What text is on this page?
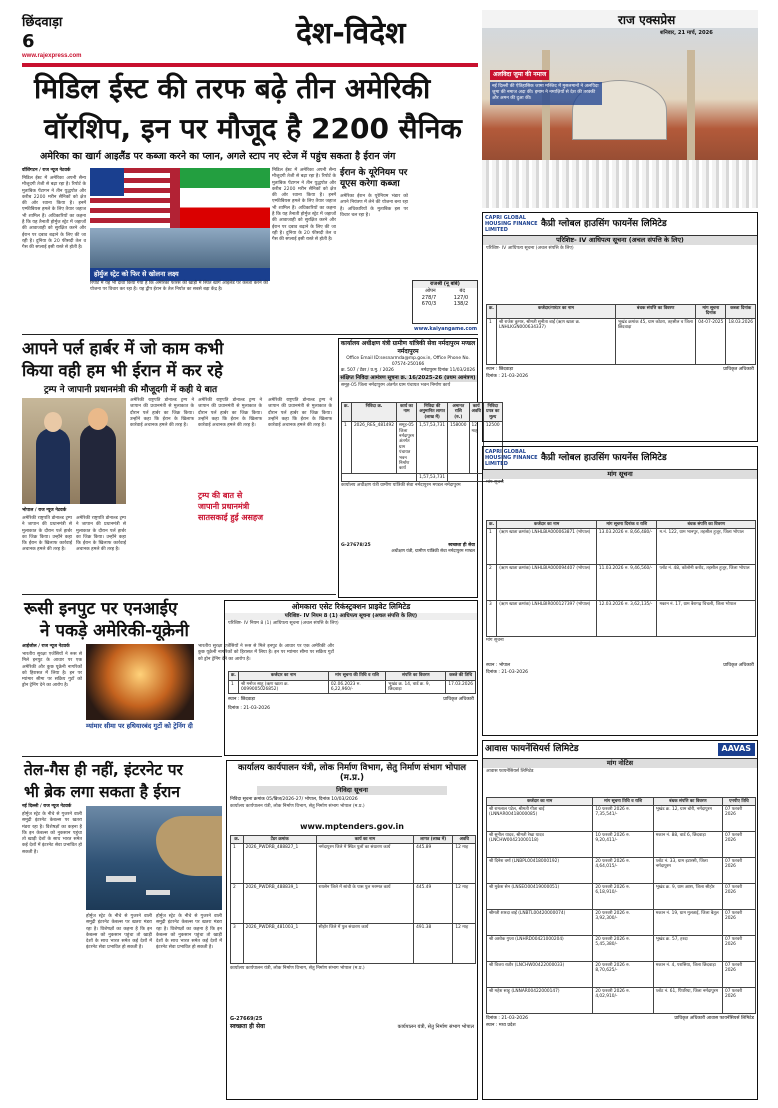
छिंदवाड़ा
6
www.rajexpress.com
देश-विदेश	राज एक्सप्रेस
शनिवार, 21 मार्च, 2026
अलविदा जुमा की नमाज
नई दिल्ली की ऐतिहासिक जामा मस्जिद में मुसलमानों ने अलविदा जुमा की नमाज अदा की। इमाम ने नमाज़ियों से देश की तरक्की और अमन की दुआ की।
मिडिल ईस्ट की तरफ बढ़े तीन अमेरिकी
वॉरशिप, इन पर मौजूद है 2200 सैनिक
अमेरिका का खार्ग आइलैंड पर कब्जा करने का प्लान, अगले स्टाप नए स्टेज में पहुंच सकता है ईरान जंग
वॉशिंगटन / राज न्यूज नेटवर्क
मिडिल ईस्ट में अमेरिका अपनी सैन्य मौजूदगी तेजी से बढ़ा रहा है। रिपोर्ट के मुताबिक पेंटागन ने तीन युद्धपोत और करीब 2200 मरीन सैनिकों को क्षेत्र की ओर रवाना किया है। इनमें एम्फीबियस हमले के लिए तैयार जहाज भी शामिल हैं। अधिकारियों का कहना है कि यह तैनाती होर्मुज स्ट्रेट में जहाजों की आवाजाही को सुरक्षित करने और ईरान पर दबाव बढ़ाने के लिए की जा रही है। दुनिया के 20 फीसदी तेल व गैस की सप्लाई इसी रास्ते से होती है।
होर्मुज स्ट्रेट को फिर से खोलना लक्ष्य
रिपोर्ट में यह भी दावा किया गया है कि अमेरिका फारस की खाड़ी में स्थित खार्ग आइलैंड पर कब्जा करने की योजना पर विचार कर रहा है। यह द्वीप ईरान के तेल निर्यात का सबसे बड़ा केंद्र है।
मिडिल ईस्ट में अमेरिका अपनी सैन्य मौजूदगी तेजी से बढ़ा रहा है। रिपोर्ट के मुताबिक पेंटागन ने तीन युद्धपोत और करीब 2200 मरीन सैनिकों को क्षेत्र की ओर रवाना किया है। इनमें एम्फीबियस हमले के लिए तैयार जहाज भी शामिल हैं। अधिकारियों का कहना है कि यह तैनाती होर्मुज स्ट्रेट में जहाजों की आवाजाही को सुरक्षित करने और ईरान पर दबाव बढ़ाने के लिए की जा रही है। दुनिया के 20 फीसदी तेल व गैस की सप्लाई इसी रास्ते से होती है।
ईरान के यूरेनियम पर यूएस करेगा कब्जा
अमेरिका ईरान के यूरेनियम भंडार को अपने नियंत्रण में लेने की योजना बना रहा है। अधिकारियों के मुताबिक इस पर विचार चल रहा है।
राजश्री (नू बांबे)
ओपन	बंद
278/7	127/0
670/3	138/2
www.kaiyangame.com
आपने पर्ल हार्बर में जो काम कभी
किया वही हम भी ईरान में कर रहे
ट्रम्प ने जापानी प्रधानमंत्री की मौजूदगी में कही ये बात
भोपाल / राज न्यूज नेटवर्क
अमेरिकी राष्ट्रपति डोनाल्ड ट्रम्प ने जापान की प्रधानमंत्री से मुलाकात के दौरान पर्ल हार्बर का जिक्र किया। उन्होंने कहा कि ईरान के खिलाफ कार्रवाई अचानक हमले की तरह है।
अमेरिकी राष्ट्रपति डोनाल्ड ट्रम्प ने जापान की प्रधानमंत्री से मुलाकात के दौरान पर्ल हार्बर का जिक्र किया। उन्होंने कहा कि ईरान के खिलाफ कार्रवाई अचानक हमले की तरह है।
अमेरिकी राष्ट्रपति डोनाल्ड ट्रम्प ने जापान की प्रधानमंत्री से मुलाकात के दौरान पर्ल हार्बर का जिक्र किया। उन्होंने कहा कि ईरान के खिलाफ कार्रवाई अचानक हमले की तरह है।
अमेरिकी राष्ट्रपति डोनाल्ड ट्रम्प ने जापान की प्रधानमंत्री से मुलाकात के दौरान पर्ल हार्बर का जिक्र किया। उन्होंने कहा कि ईरान के खिलाफ कार्रवाई अचानक हमले की तरह है।
ट्रम्प की बात से जापानी प्रधानमंत्री सातसकाई हुई असहज
अमेरिकी राष्ट्रपति डोनाल्ड ट्रम्प ने जापान की प्रधानमंत्री से मुलाकात के दौरान पर्ल हार्बर का जिक्र किया। उन्होंने कहा कि ईरान के खिलाफ कार्रवाई अचानक हमले की तरह है।
कार्यालय अधीक्षण यंत्री ग्रामीण यांत्रिकी सेवा नर्मदापुरम मण्डल नर्मदापुरम
Office Email ID:sesnarmda@mp.gov.in, Office Phone No. 07574-250166
क्र. 507 / टेंडर / प्र.मु. / 2026	नर्मदापुरम दिनांक 11/03/2026
संक्षिप्त निविदा आमंत्रण सूचना क्र. 16/2025-26 (प्रथम आमंत्रण)
समूह-05 जिला नर्मदापुरम अंतर्गत ग्राम पंचायत भवन निर्माण कार्य
क्र.	निविदा क्र.	कार्य का नाम	निविदा की अनुमानित लागत (लाख में)	अमानत राशि (रु.)	कार्य अवधि	निविदा प्रपत्र का मूल्य
1	2026_RES_481492	समूह-05 जिला नर्मदापुरम अंतर्गत ग्राम पंचायत भवन निर्माण कार्य	1,57,53,731	158000	12 माह	12500
			1,57,53,731			
कार्यालय अधीक्षण यंत्री ग्रामीण यांत्रिकी सेवा नर्मदापुरम मण्डल नर्मदापुरम
G-27678/25	स्वच्छता ही सेवा
अधीक्षण यंत्री, ग्रामीण यांत्रिकी सेवा नर्मदापुरम मण्डल
रूसी इनपुट पर एनआईए
ने पकड़े अमेरिकी-यूक्रेनी
आईजोल / राज न्यूज नेटवर्क
भारतीय सुरक्षा एजेंसियों ने रूस से मिले इनपुट के आधार पर एक अमेरिकी और कुछ यूक्रेनी नागरिकों को हिरासत में लिया है। इन पर म्यांमार सीमा पर सक्रिय गुटों को ड्रोन ट्रेनिंग देने का आरोप है।
म्यांमार सीमा पर हथियारबंद गुटों को ट्रेनिंग दी
भारतीय सुरक्षा एजेंसियों ने रूस से मिले इनपुट के आधार पर एक अमेरिकी और कुछ यूक्रेनी नागरिकों को हिरासत में लिया है। इन पर म्यांमार सीमा पर सक्रिय गुटों को ड्रोन ट्रेनिंग देने का आरोप है।
ओमकारा एसेट रिकंस्ट्रक्शन प्राइवेट लिमिटेड
परिशिष्ट- IV नियम 8 (1) आधिपत्य सूचना (अचल संपत्ति के लिए)
परिशिष्ट- IV नियम 8 (1) आधिपत्य सूचना (अचल संपत्ति के लिए)
क्र.	कर्जदार का नाम	मांग सूचना की तिथि व राशि	संपत्ति का विवरण	कब्जे की तिथि
1	श्री मनोज साहू (ऋण खाता क्र. 0099005026852)	02.06.2023 रु. 6,22,960/-	भूखंड क्र. 14, वार्ड क्र. 9, छिंदवाड़ा	17.03.2026
स्थान : छिंदवाड़ा	प्राधिकृत अधिकारी
दिनांक : 21-03-2026
तेल-गैस ही नहीं, इंटरनेट पर
भी ब्रेक लगा सकता है ईरान
नई दिल्ली / राज न्यूज नेटवर्क
होर्मुज स्ट्रेट के नीचे से गुजरने वाली समुद्री इंटरनेट केबल्स पर खतरा मंडरा रहा है। विशेषज्ञों का कहना है कि इन केबल्स को नुकसान पहुंचा तो खाड़ी देशों के साथ भारत समेत कई देशों में इंटरनेट सेवा प्रभावित हो सकती है।
होर्मुज स्ट्रेट के नीचे से गुजरने वाली समुद्री इंटरनेट केबल्स पर खतरा मंडरा रहा है। विशेषज्ञों का कहना है कि इन केबल्स को नुकसान पहुंचा तो खाड़ी देशों के साथ भारत समेत कई देशों में इंटरनेट सेवा प्रभावित हो सकती है।
होर्मुज स्ट्रेट के नीचे से गुजरने वाली समुद्री इंटरनेट केबल्स पर खतरा मंडरा रहा है। विशेषज्ञों का कहना है कि इन केबल्स को नुकसान पहुंचा तो खाड़ी देशों के साथ भारत समेत कई देशों में इंटरनेट सेवा प्रभावित हो सकती है।
कार्यालय कार्यपालन यंत्री, लोक निर्माण विभाग, सेतु निर्माण संभाग भोपाल (म.प्र.)
निविदा सूचना
निविदा सूचना क्रमांक 05/ब्रिज/2026-27/ भोपाल, दिनांक 10/03/2026
कार्यालय कार्यपालन यंत्री, लोक निर्माण विभाग, सेतु निर्माण संभाग भोपाल (म.प्र.)
www.mptenders.gov.in
क्र.	टेंडर क्रमांक	कार्य का नाम	लागत (लाख में)	अवधि
1	2026_PWDRB_488827_1	नर्मदापुरम जिले में स्थित पुलों का संधारण कार्य	445.89	12 माह
2	2026_PWDRB_488839_1	रायसेन जिले में सांची के पास पुल मरम्मत कार्य	445.49	12 माह
3	2026_PWDRB_481003_1	सीहोर जिले में पुल संधारण कार्य	491.38	12 माह
कार्यालय कार्यपालन यंत्री, लोक निर्माण विभाग, सेतु निर्माण संभाग भोपाल (म.प्र.)
G-27669/25
स्वच्छता ही सेवा	कार्यपालन यंत्री, सेतु निर्माण संभाग भोपाल
CAPRI GLOBAL HOUSING FINANCE LIMITED
कैप्री ग्लोबल हाउसिंग फायनेंस लिमिटेड
परिशिष्ट- IV आधिपत्य सूचना (अचल संपत्ति के लिए)
परिशिष्ट- IV आधिपत्य सूचना (अचल संपत्ति के लिए)
क्र.	कर्जदार/गारंटर का नाम	बंधक संपत्ति का विवरण	मांग सूचना दिनांक	कब्जा दिनांक
1	श्री राजेश कुमार, श्रीमती सुनीता बाई (ऋण खाता क्र. LNHLKGN000634337)	भूखंड क्रमांक 45, ग्राम कोटरा, तहसील व जिला छिंदवाड़ा	04-07-2025	18.03.2026
स्थान : छिंदवाड़ा	प्राधिकृत अधिकारी
दिनांक : 21-03-2026
CAPRI GLOBAL HOUSING FINANCE LIMITED
कैप्री ग्लोबल हाउसिंग फायनेंस लिमिटेड
मांग सूचना
मांग सूचना
क्र.	कर्जदार का नाम	मांग सूचना दिनांक व राशि	बंधक संपत्ति का विवरण
1	(ऋण खाता क्रमांक) LNHLBIA000063871 (भोपाल)	13.03.2026 रु. 8,66,480/-	म.नं. 122, ग्राम भानपुर, तहसील हुजूर, जिला भोपाल
2	(ऋण खाता क्रमांक) LNHLBIA000094407 (भोपाल)	11.03.2026 रु. 9,46,560/-	प्लॉट नं. 48, कॉलोनी करोंद, तहसील हुजूर, जिला भोपाल
3	(ऋण खाता क्रमांक) LNHLBIR000127397 (भोपाल)	12.03.2026 रु. 3,62,135/-	मकान नं. 17, ग्राम बैरागढ़ चिचली, जिला भोपाल
मांग सूचना
स्थान : भोपाल	प्राधिकृत अधिकारी
दिनांक : 21-03-2026
आवास फायनेंसियर्स लिमिटेड	AAVAS
मांग नोटिस
आवास फायनेंसियर्स लिमिटेड
कर्जदार का नाम	मांग सूचना तिथि व राशि	बंधक संपत्ति का विवरण	एनपीए तिथि
श्री रामलाल पटेल, श्रीमती गीता बाई (LNNAR00418000085)	10 फरवरी 2026 रु. 7,35,541/-	भूखंड क्र. 12, ग्राम बोरी, नर्मदापुरम	07 फरवरी 2026
श्री सुनील यादव, श्रीमती रेखा यादव (LNCHW00421000118)	10 फरवरी 2026 रु. 9,20,411/-	मकान नं. 88, वार्ड 6, छिंदवाड़ा	07 फरवरी 2026
श्री दिनेश वर्मा (LNBPL00418000192)	20 फरवरी 2026 रु. 4,64,015/-	प्लॉट नं. 33, ग्राम इटारसी, जिला नर्मदापुरम	07 फरवरी 2026
श्री मुकेश सेन (LNSEO00419000051)	20 फरवरी 2026 रु. 6,18,910/-	भूखंड क्र. 9, ग्राम आष्टा, जिला सीहोर	07 फरवरी 2026
श्रीमती शारदा बाई (LNBTL00420000074)	20 फरवरी 2026 रु. 3,92,300/-	मकान नं. 19, ग्राम मुलताई, जिला बैतूल	07 फरवरी 2026
श्री अशोक गुप्ता (LNHRD00421000204)	20 फरवरी 2026 रु. 5,45,380/-	भूखंड क्र. 57, हरदा	07 फरवरी 2026
श्री विजय राठौर (LNCHW00422000033)	20 फरवरी 2026 रु. 8,70,625/-	मकान नं. 4, परासिया, जिला छिंदवाड़ा	07 फरवरी 2026
श्री महेश साहू (LNNAR00422000147)	20 फरवरी 2026 रु. 4,02,910/-	प्लॉट नं. 61, पिपरिया, जिला नर्मदापुरम	07 फरवरी 2026
दिनांक : 21-03-2026	प्राधिकृत अधिकारी आवास फायनेंसियर्स लिमिटेड
स्थान : मध्य प्रदेश
